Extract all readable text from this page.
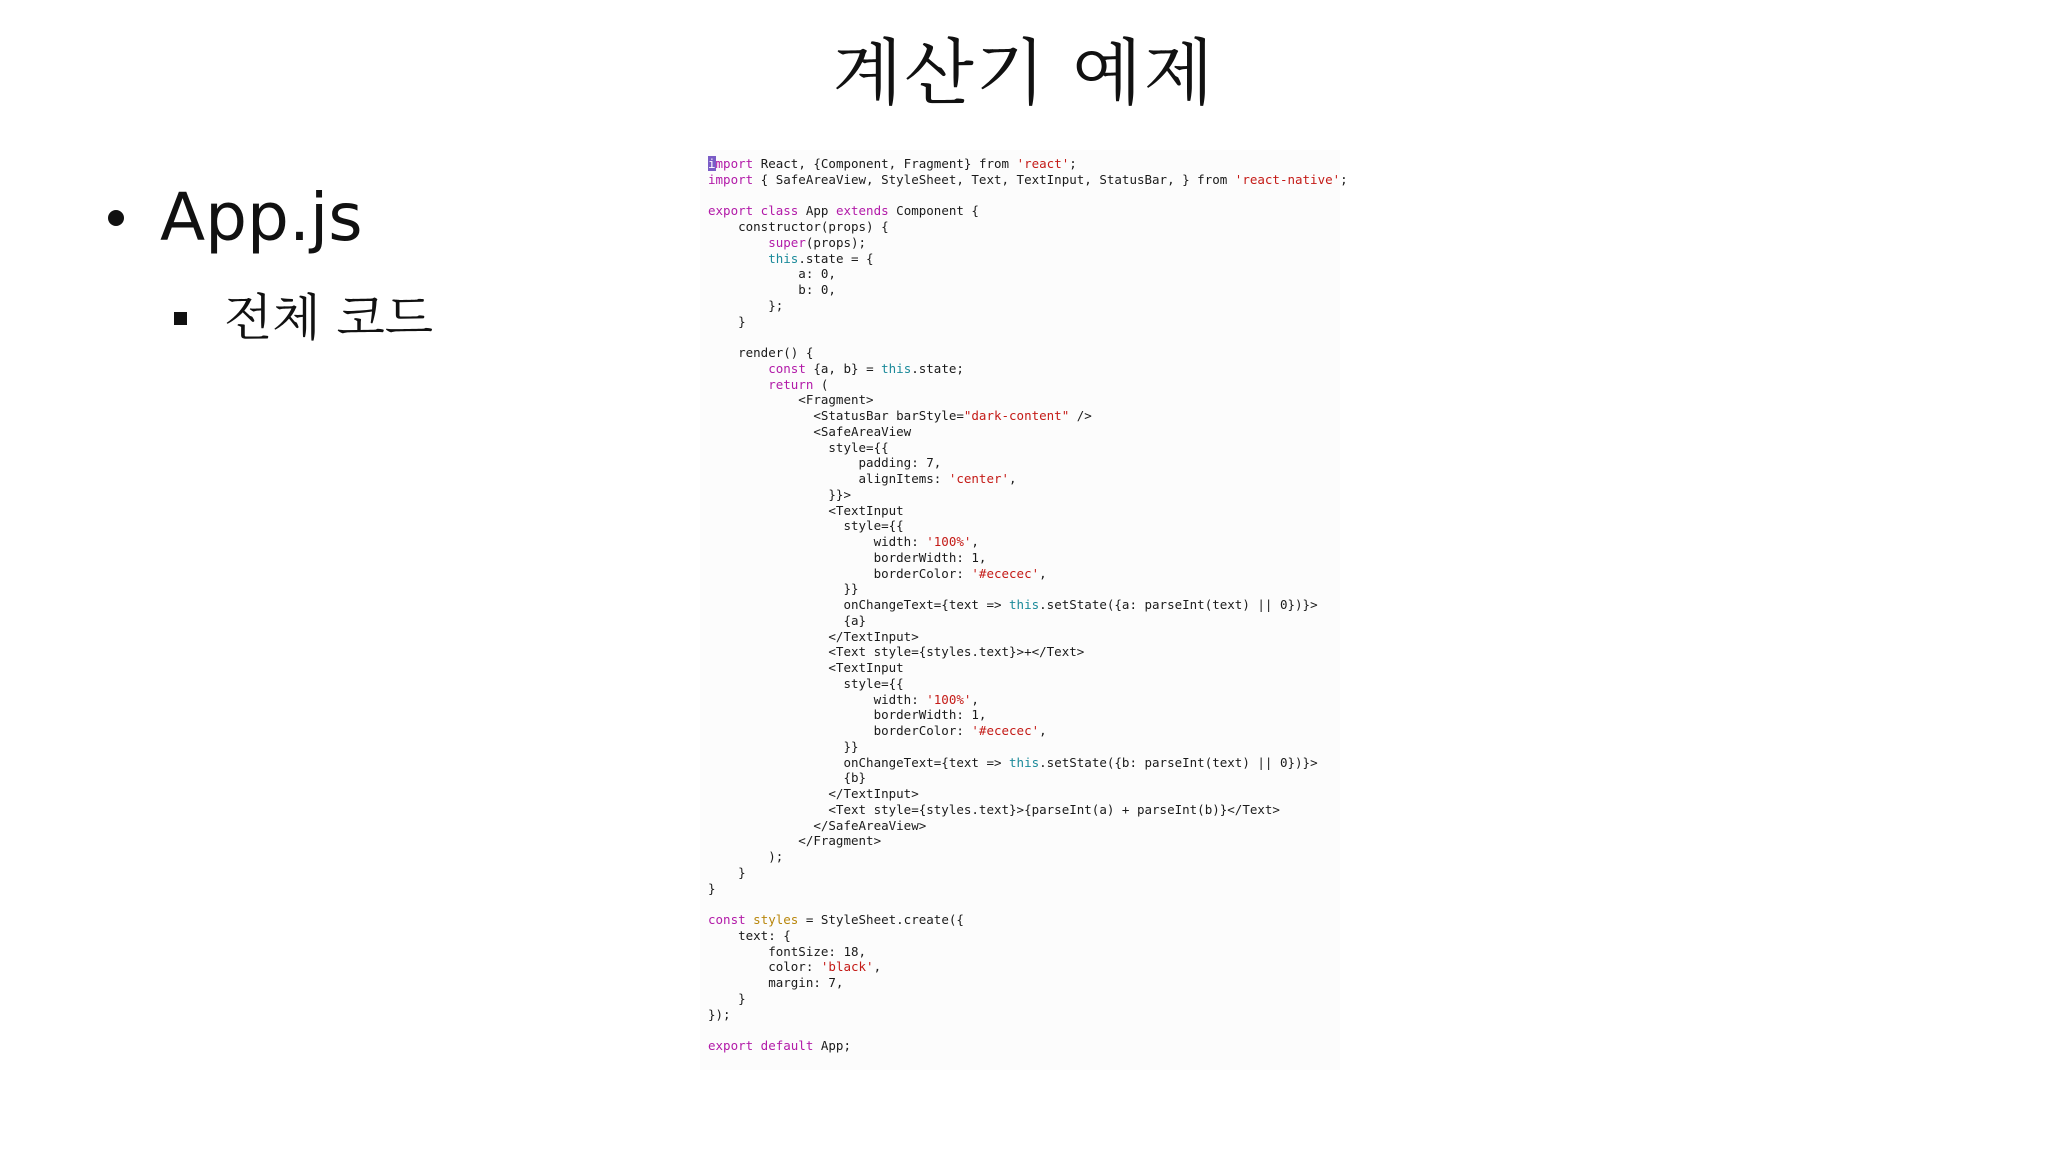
계산기 예제
App.js
전체 코드
import React, {Component, Fragment} from 'react';
import { SafeAreaView, StyleSheet, Text, TextInput, StatusBar, } from 'react-native';
export class App extends Component {
constructor(props) {
super(props);
this.state = {
a: 0,
b: 0,
};
}
render() {
const {a, b} = this.state;
return (
<Fragment>
<StatusBar barStyle="dark-content" />
<SafeAreaView
style={{
padding: 7,
alignItems: 'center',
}}>
<TextInput
style={{
width: '100%',
borderWidth: 1,
borderColor: '#ececec',
}}
onChangeText={text => this.setState({a: parseInt(text) || 0})}>
{a}
</TextInput>
<Text style={styles.text}>+</Text>
<TextInput
style={{
width: '100%',
borderWidth: 1,
borderColor: '#ececec',
}}
onChangeText={text => this.setState({b: parseInt(text) || 0})}>
{b}
</TextInput>
<Text style={styles.text}>{parseInt(a) + parseInt(b)}</Text>
</SafeAreaView>
</Fragment>
);
}
}
const styles = StyleSheet.create({
text: {
fontSize: 18,
color: 'black',
margin: 7,
}
});
export default App;
